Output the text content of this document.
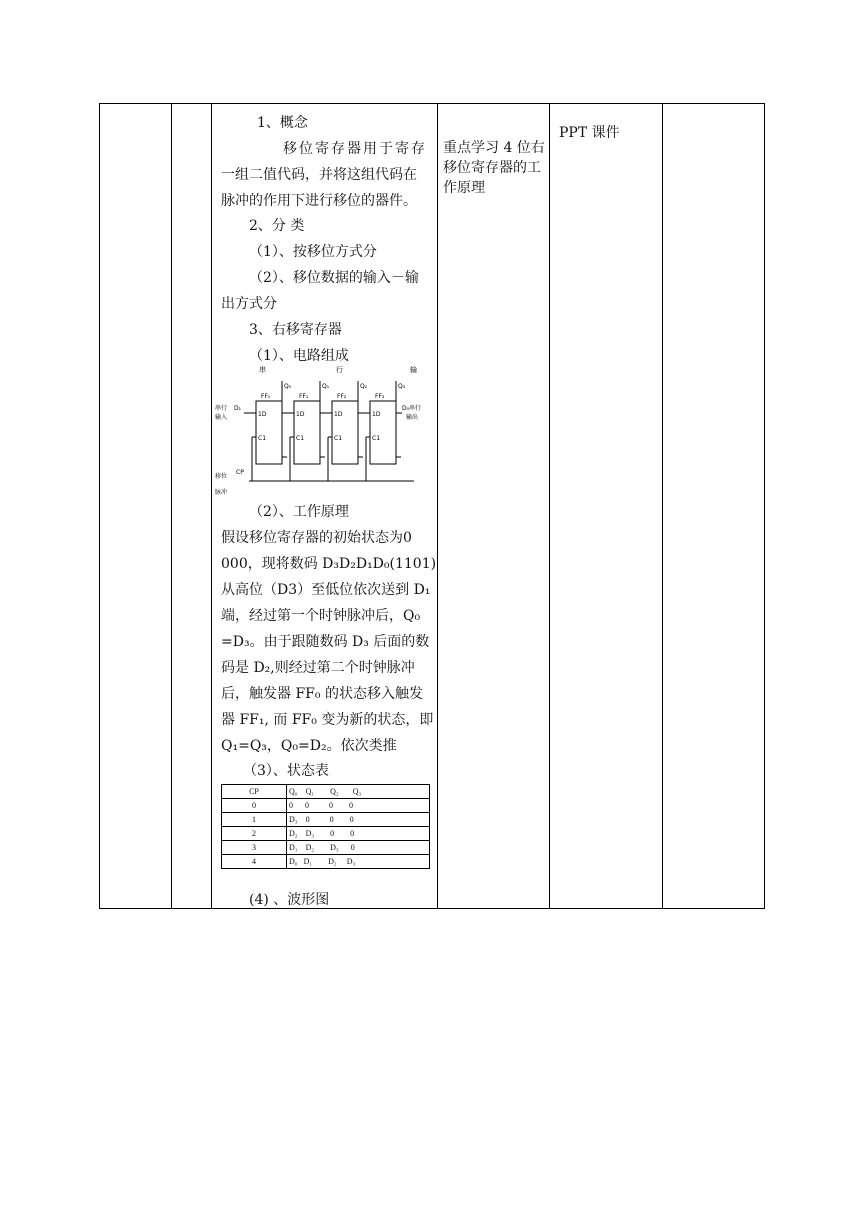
1、概念
移位寄存器用于寄存
一组二值代码，并将这组代码在
脉冲的作用下进行移位的器件。
2、分 类
（1）、按移位方式分
（2）、移位数据的输入－输
出方式分
3、右移寄存器
（1）、电路组成
（2）、工作原理
假设移位寄存器的初始状态为0
000，现将数码 D₃D₂D₁D₀(1101)
从高位（D3）至低位依次送到 D₁
端，经过第一个时钟脉冲后，Q₀
=D₃。由于跟随数码 D₃ 后面的数
码是 D₂,则经过第二个时钟脉冲
后，触发器 FF₀ 的状态移入触发
器 FF₁, 而 FF₀ 变为新的状态，即
Q₁=Q₃，Q₀=D₂。依次类推
（3）、状态表
(4) 、波形图
串	行	输
FF₀	FF₁	FF₂	FF₃
Q₀	Q₁	Q₂	Q₃
1D	1D	1D	1D
C1	C1	C1	C1
串行
输入
D₁	D₀串行
输出
移位
脉冲
CP
CP	Q₀    Q₁        Q₂       Q₃
0	0      0          0        0
1	D₃    0          0        0
2	D₂    D₃        0        0
3	D₁    D₂        D₃      0
4	D₀   D₁        D₂     D₃
重点学习 4 位右移位寄存器的工作原理
PPT 课件
